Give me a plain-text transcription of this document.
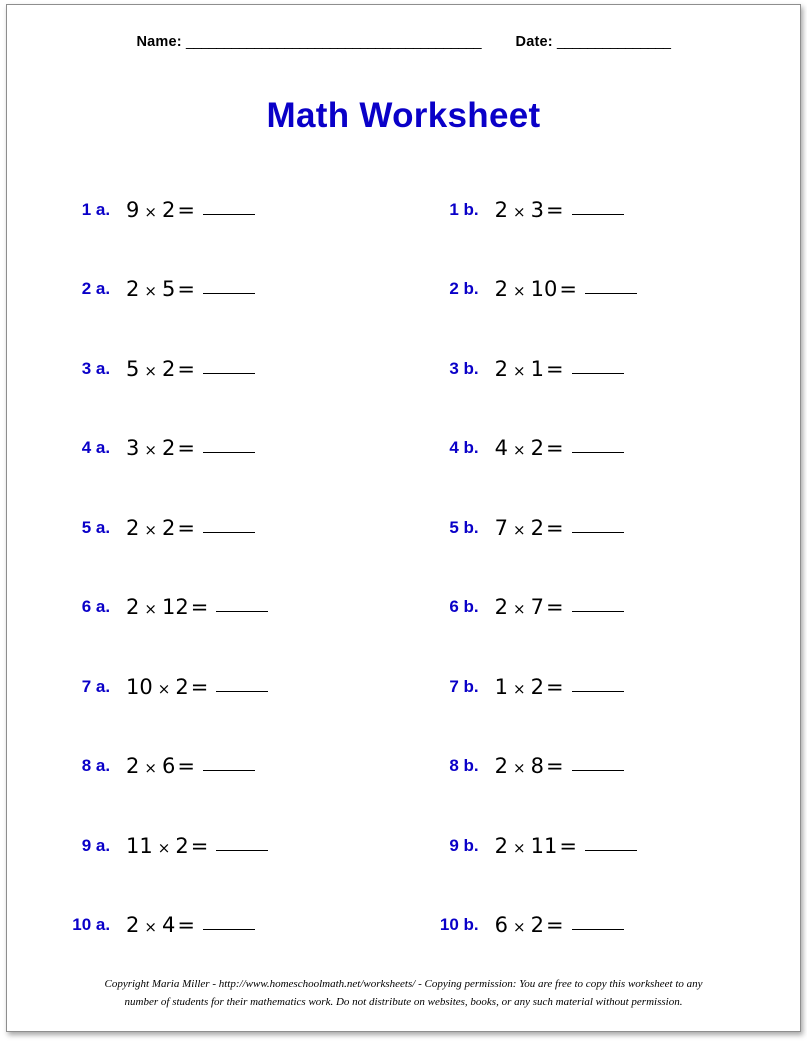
Name: _______________________________________ Date: _______________
Math Worksheet
1 a.	9 × 2=	1 b.	2 × 3=
2 a.	2 × 5=	2 b.	2 × 10=
3 a.	5 × 2=	3 b.	2 × 1=
4 a.	3 × 2=	4 b.	4 × 2=
5 a.	2 × 2=	5 b.	7 × 2=
6 a.	2 × 12=	6 b.	2 × 7=
7 a.	10 × 2=	7 b.	1 × 2=
8 a.	2 × 6=	8 b.	2 × 8=
9 a.	11 × 2=	9 b.	2 × 11=
10 a.	2 × 4=	10 b.	6 × 2=
Copyright Maria Miller - http://www.homeschoolmath.net/worksheets/ - Copying permission: You are free to copy this worksheet to any
number of students for their mathematics work. Do not distribute on websites, books, or any such material without permission.
